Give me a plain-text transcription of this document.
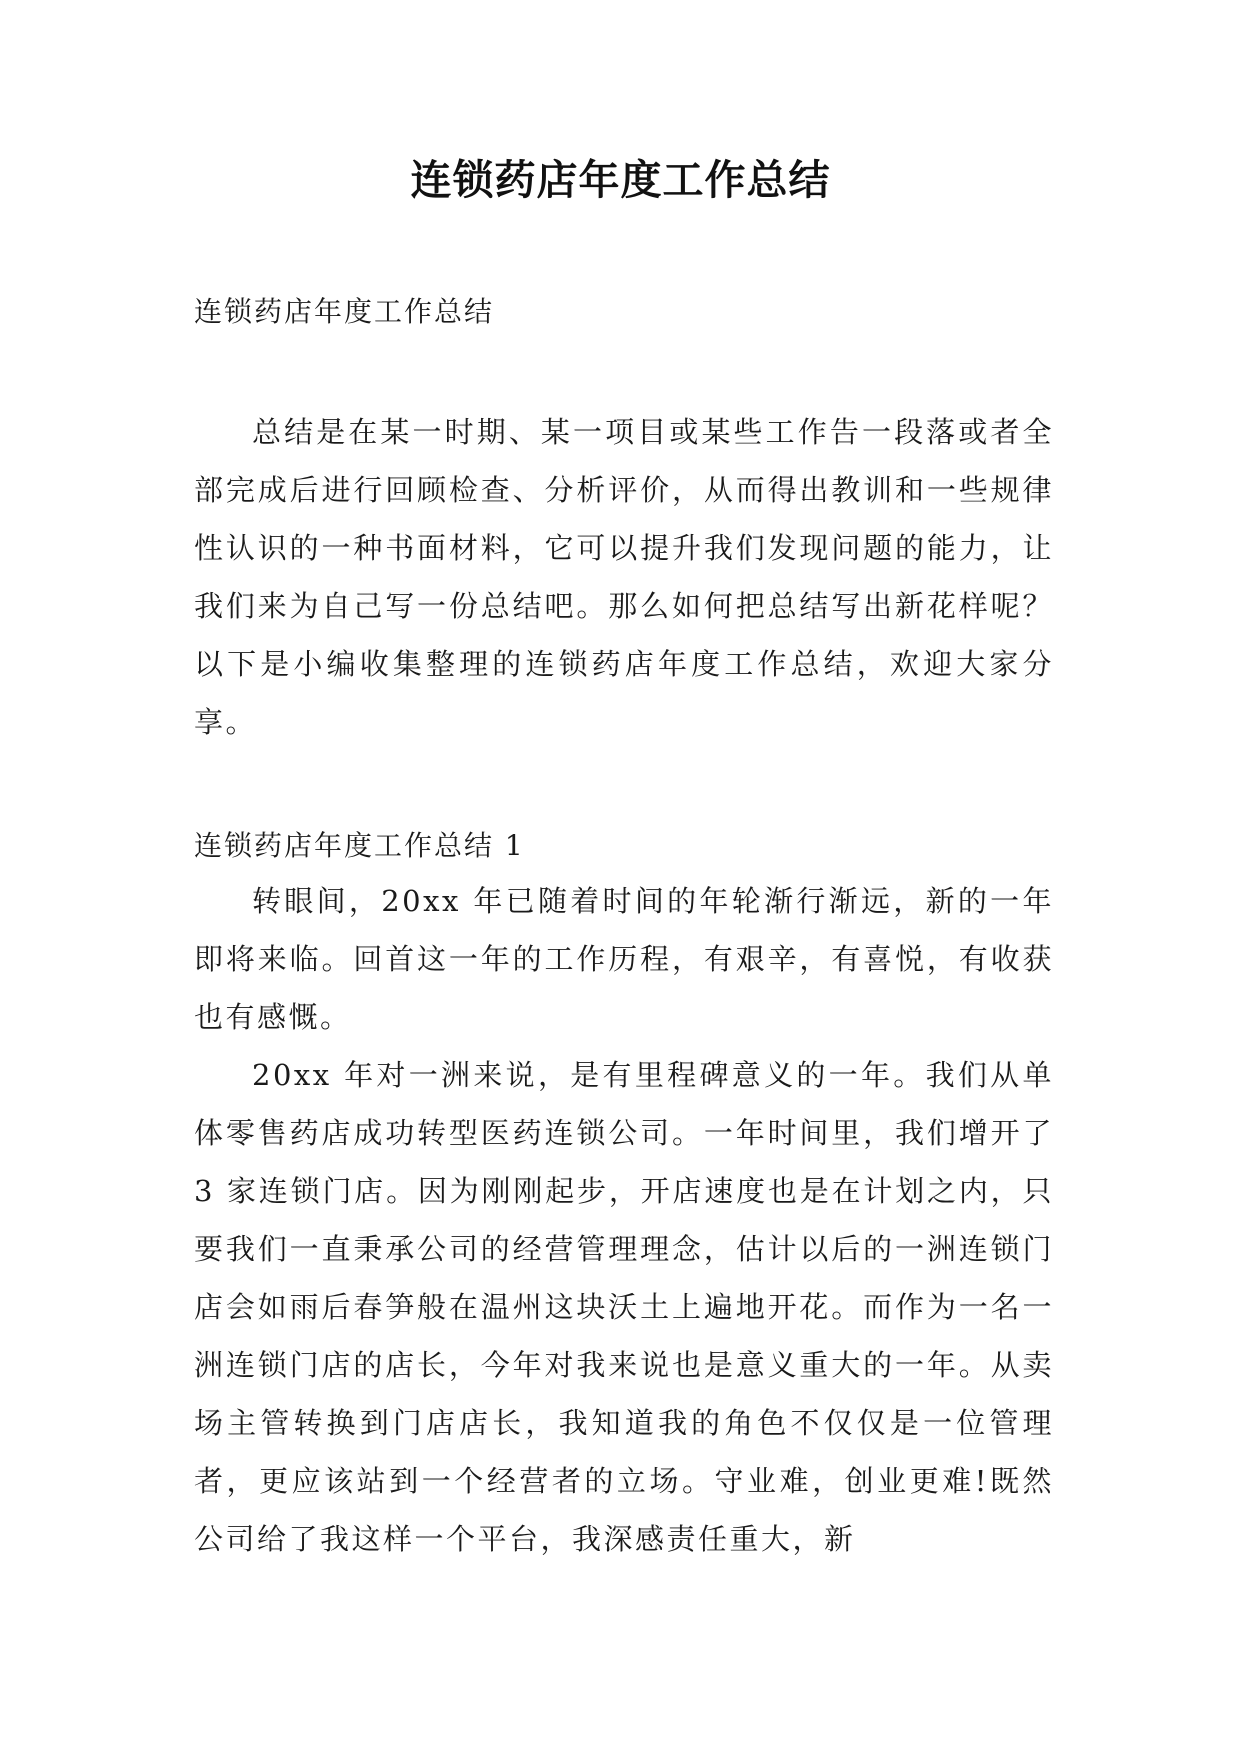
连锁药店年度工作总结
连锁药店年度工作总结

总结是在某一时期、某一项目或某些工作告一段落或者全部完成后进行回顾检查、分析评价，从而得出教训和一些规律性认识的一种书面材料，它可以提升我们发现问题的能力，让我们来为自己写一份总结吧。那么如何把总结写出新花样呢？以下是小编收集整理的连锁药店年度工作总结，欢迎大家分享。

连锁药店年度工作总结 1

转眼间，20xx 年已随着时间的年轮渐行渐远，新的一年即将来临。回首这一年的工作历程，有艰辛，有喜悦，有收获也有感慨。

20xx 年对一洲来说，是有里程碑意义的一年。我们从单体零售药店成功转型医药连锁公司。一年时间里，我们增开了 3 家连锁门店。因为刚刚起步，开店速度也是在计划之内，只要我们一直秉承公司的经营管理理念，估计以后的一洲连锁门店会如雨后春笋般在温州这块沃土上遍地开花。而作为一名一洲连锁门店的店长，今年对我来说也是意义重大的一年。从卖场主管转换到门店店长，我知道我的角色不仅仅是一位管理者，更应该站到一个经营者的立场。守业难，创业更难!既然公司给了我这样一个平台，我深感责任重大，新
